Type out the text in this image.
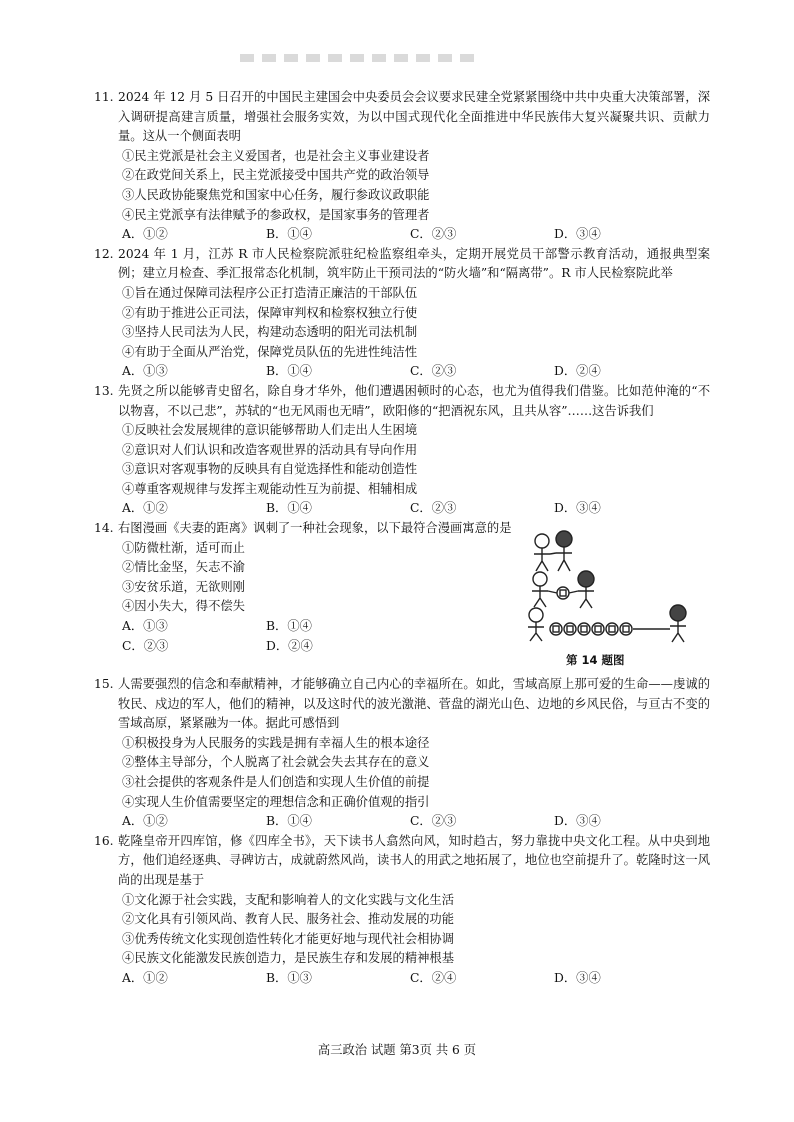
11. 2024 年 12 月 5 日召开的中国民主建国会中央委员会会议要求民建全党紧紧围绕中共中央重大决策部署，深入调研提高建言质量，增强社会服务实效，为以中国式现代化全面推进中华民族伟大复兴凝聚共识、贡献力量。这从一个侧面表明
①民主党派是社会主义爱国者，也是社会主义事业建设者
②在政党间关系上，民主党派接受中国共产党的政治领导
③人民政协能聚焦党和国家中心任务，履行参政议政职能
④民主党派享有法律赋予的参政权，是国家事务的管理者
A．①②	B．①④	C．②③	D．③④
12. 2024 年 1 月，江苏 R 市人民检察院派驻纪检监察组牵头，定期开展党员干部警示教育活动，通报典型案例；建立月检查、季汇报常态化机制，筑牢防止干预司法的“防火墙”和“隔离带”。R 市人民检察院此举
①旨在通过保障司法程序公正打造清正廉洁的干部队伍
②有助于推进公正司法，保障审判权和检察权独立行使
③坚持人民司法为人民，构建动态透明的阳光司法机制
④有助于全面从严治党，保障党员队伍的先进性纯洁性
A．①③	B．①④	C．②③	D．②④
13. 先贤之所以能够青史留名，除自身才华外，他们遭遇困顿时的心态，也尤为值得我们借鉴。比如范仲淹的“不以物喜，不以己悲”，苏轼的“也无风雨也无晴”，欧阳修的“把酒祝东风，且共从容”……这告诉我们
①反映社会发展规律的意识能够帮助人们走出人生困境
②意识对人们认识和改造客观世界的活动具有导向作用
③意识对客观事物的反映具有自觉选择性和能动创造性
④尊重客观规律与发挥主观能动性互为前提、相辅相成
A．①②	B．①④	C．②③	D．③④
14. 右图漫画《夫妻的距离》讽刺了一种社会现象，以下最符合漫画寓意的是
①防微杜渐，适可而止
②情比金坚，矢志不渝
③安贫乐道，无欲则刚
④因小失大，得不偿失
A．①③	B．①④
C．②③	D．②④
第 14 题图
15. 人需要强烈的信念和奉献精神，才能够确立自己内心的幸福所在。如此，雪域高原上那可爱的生命——虔诚的牧民、戍边的军人，他们的精神，以及这时代的波光激滟、菅盘的湖光山色、边地的乡风民俗，与亘古不变的雪域高原，紧紧融为一体。据此可感悟到
①积极投身为人民服务的实践是拥有幸福人生的根本途径
②整体主导部分，个人脱离了社会就会失去其存在的意义
③社会提供的客观条件是人们创造和实现人生价值的前提
④实现人生价值需要坚定的理想信念和正确价值观的指引
A．①②	B．①④	C．②③	D．③④
16. 乾隆皇帝开四库馆，修《四库全书》，天下读书人翕然向风，知时趋古，努力靠拢中央文化工程。从中央到地方，他们追经逐典、寻碑访古，成就蔚然风尚，读书人的用武之地拓展了，地位也空前提升了。乾隆时这一风尚的出现是基于
①文化源于社会实践，支配和影响着人的文化实践与文化生活
②文化具有引领风尚、教育人民、服务社会、推动发展的功能
③优秀传统文化实现创造性转化才能更好地与现代社会相协调
④民族文化能激发民族创造力，是民族生存和发展的精神根基
A．①②	B．①③	C．②④	D．③④
高三政治 试题 第3页 共 6 页
